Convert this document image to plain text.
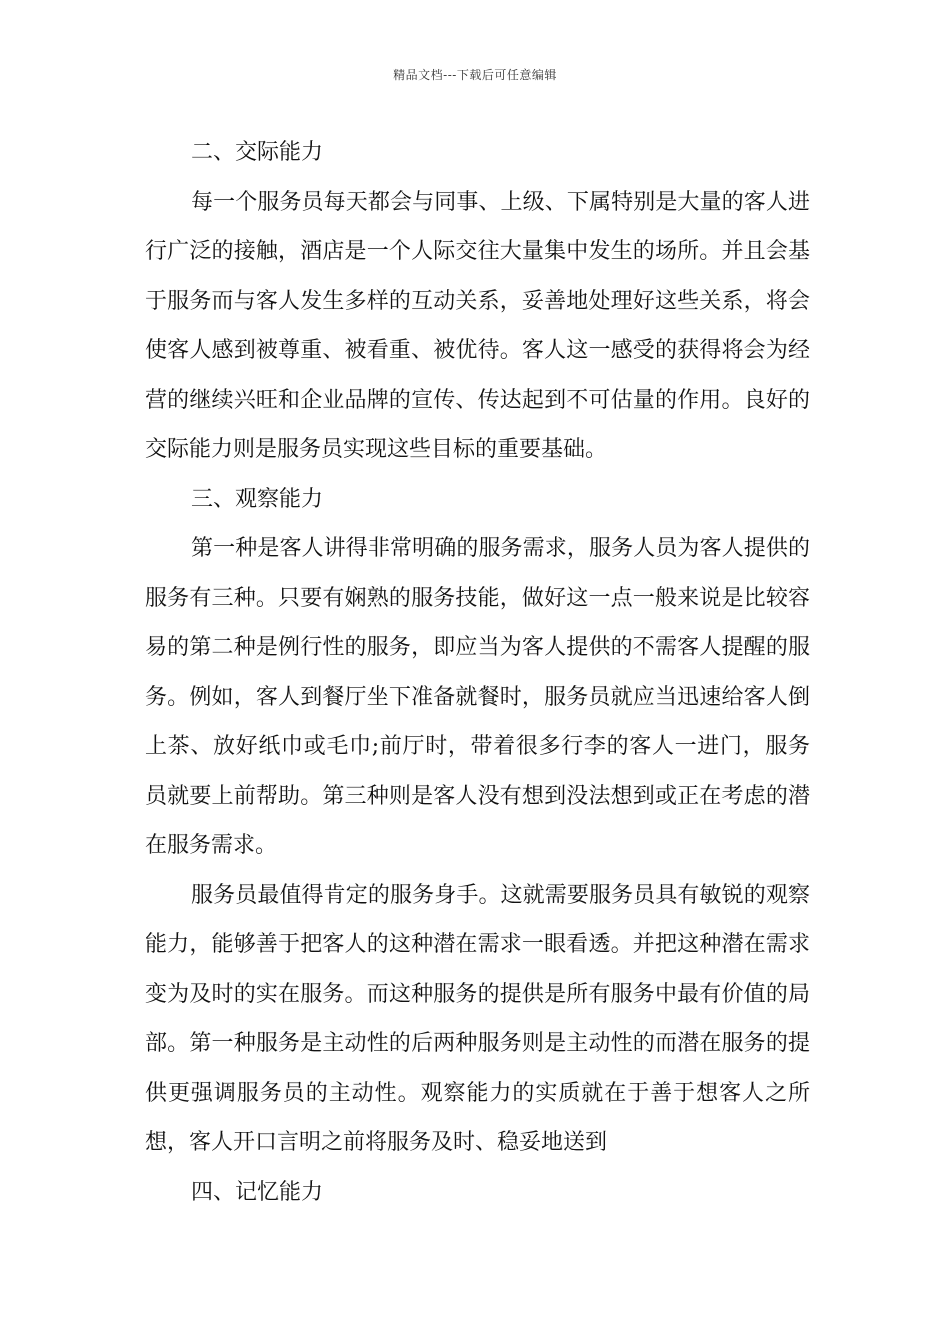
精品文档---下载后可任意编辑
二、交际能力

每一个服务员每天都会与同事、上级、下属特别是大量的客人进行广泛的接触，酒店是一个人际交往大量集中发生的场所。并且会基于服务而与客人发生多样的互动关系，妥善地处理好这些关系，将会使客人感到被尊重、被看重、被优待。客人这一感受的获得将会为经营的继续兴旺和企业品牌的宣传、传达起到不可估量的作用。良好的交际能力则是服务员实现这些目标的重要基础。

三、观察能力

第一种是客人讲得非常明确的服务需求，服务人员为客人提供的服务有三种。只要有娴熟的服务技能，做好这一点一般来说是比较容易的第二种是例行性的服务，即应当为客人提供的不需客人提醒的服务。例如，客人到餐厅坐下准备就餐时，服务员就应当迅速给客人倒上茶、放好纸巾或毛巾;前厅时，带着很多行李的客人一进门，服务员就要上前帮助。第三种则是客人没有想到没法想到或正在考虑的潜在服务需求。

服务员最值得肯定的服务身手。这就需要服务员具有敏锐的观察能力，能够善于把客人的这种潜在需求一眼看透。并把这种潜在需求变为及时的实在服务。而这种服务的提供是所有服务中最有价值的局部。第一种服务是主动性的后两种服务则是主动性的而潜在服务的提供更强调服务员的主动性。观察能力的实质就在于善于想客人之所想，客人开口言明之前将服务及时、稳妥地送到

四、记忆能力
